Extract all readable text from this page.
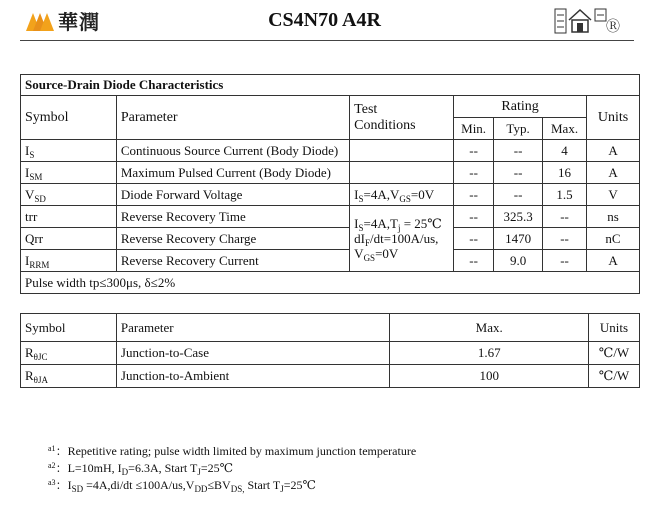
華潤	CS4N70 A4R	Ⓡ
Source-Drain Diode Characteristics						
Symbol	Parameter	Test
Conditions	Rating			Units
			Min.	Typ.	Max.	
$I_S$	Continuous Source Current (Body Diode)		--	--	4	A
$I_{SM}$	Maximum Pulsed Current (Body Diode)		--	--	16	A
$V_{SD}$	Diode Forward Voltage	$I_S=4A,V_{GS}=0V$	--	--	1.5	V
trr	Reverse Recovery Time	$I_S=4A,T_j$ = 25℃
$dI_F/dt=100A/us$,
$V_{GS}=0V$	--	325.3	--	ns
Qrr	Reverse Recovery Charge		--	1470	--	nC
$I_{RRM}$	Reverse Recovery Current		--	9.0	--	A
Pulse width tp≤300μs, δ≤2%						
Symbol	Parameter	Max.	Units
$R_{\theta JC}$	Junction-to-Case	1.67	℃/W
$R_{\theta JA}$	Junction-to-Ambient	100	℃/W
$^{a1}$：Repetitive rating; pulse width limited by maximum junction temperature
$^{a2}$：L=10mH, $I_D=6.3A$, Start $T_J=25℃$
$^{a3}$：$I_{SD} =4A,di/dt \le 100A/us,V_{DD}\le BV_{DS,}$ Start $T_J=25℃$
